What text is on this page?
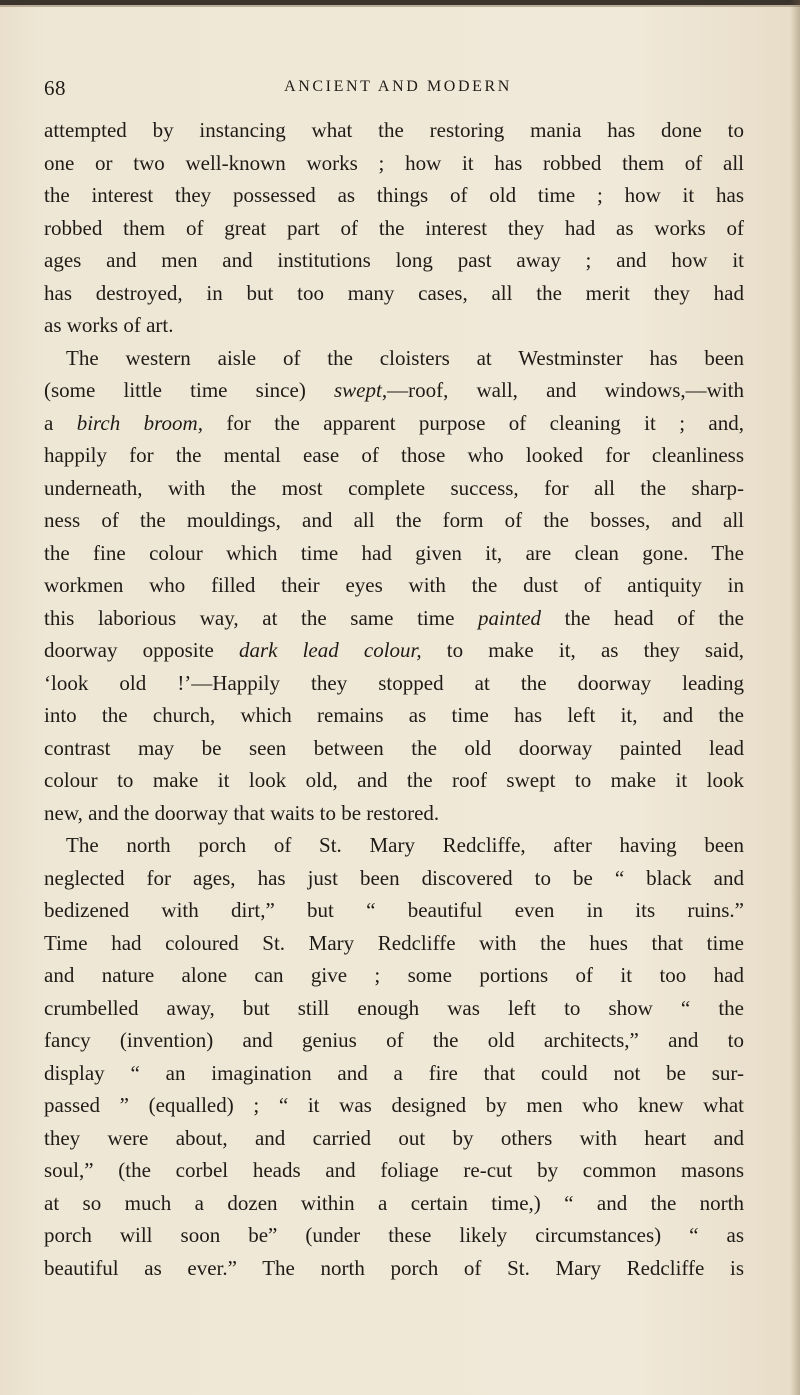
68	ANCIENT AND MODERN
attempted by instancing what the restoring mania has done to
one or two well-known works ; how it has robbed them of all
the interest they possessed as things of old time ; how it has
robbed them of great part of the interest they had as works of
ages and men and institutions long past away ; and how it
has destroyed, in but too many cases, all the merit they had
as works of art.
The western aisle of the cloisters at Westminster has been
(some little time since) swept,—roof, wall, and windows,—with
a birch broom, for the apparent purpose of cleaning it ; and,
happily for the mental ease of those who looked for cleanliness
underneath, with the most complete success, for all the sharp-
ness of the mouldings, and all the form of the bosses, and all
the fine colour which time had given it, are clean gone. The
workmen who filled their eyes with the dust of antiquity in
this laborious way, at the same time painted the head of the
doorway opposite dark lead colour, to make it, as they said,
‘look old !’—Happily they stopped at the doorway leading
into the church, which remains as time has left it, and the
contrast may be seen between the old doorway painted lead
colour to make it look old, and the roof swept to make it look
new, and the doorway that waits to be restored.
The north porch of St. Mary Redcliffe, after having been
neglected for ages, has just been discovered to be “ black and
bedizened with dirt,” but “ beautiful even in its ruins.”
Time had coloured St. Mary Redcliffe with the hues that time
and nature alone can give ; some portions of it too had
crumbelled away, but still enough was left to show “ the
fancy (invention) and genius of the old architects,” and to
display “ an imagination and a fire that could not be sur-
passed ” (equalled) ; “ it was designed by men who knew what
they were about, and carried out by others with heart and
soul,” (the corbel heads and foliage re-cut by common masons
at so much a dozen within a certain time,) “ and the north
porch will soon be” (under these likely circumstances) “ as
beautiful as ever.” The north porch of St. Mary Redcliffe is
